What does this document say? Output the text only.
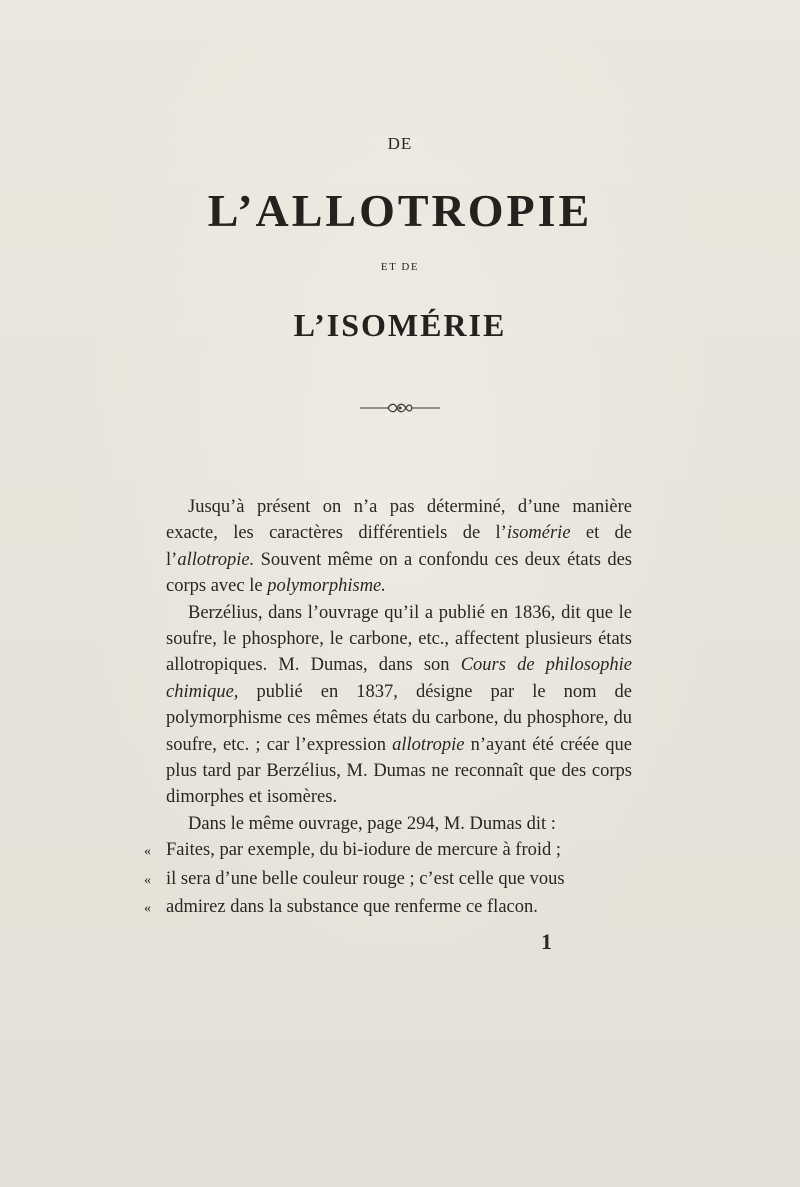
DE
L’ALLOTROPIE
ET DE
L’ISOMÉRIE

Jusqu’à présent on n’a pas déterminé, d’une manière exacte, les caractères différentiels de l’isomérie et de l’allotropie. Souvent même on a confondu ces deux états des corps avec le polymorphisme.

Berzélius, dans l’ouvrage qu’il a publié en 1836, dit que le soufre, le phosphore, le carbone, etc., affectent plusieurs états allotropiques. M. Dumas, dans son Cours de philosophie chimique, publié en 1837, désigne par le nom de polymorphisme ces mêmes états du carbone, du phosphore, du soufre, etc. ; car l’expression allotropie n’ayant été créée que plus tard par Berzélius, M. Dumas ne reconnaît que des corps dimorphes et isomères.

Dans le même ouvrage, page 294, M. Dumas dit :

« Faites, par exemple, du bi-iodure de mercure à froid ;

« il sera d’une belle couleur rouge ; c’est celle que vous

« admirez dans la substance que renferme ce flacon.

1
